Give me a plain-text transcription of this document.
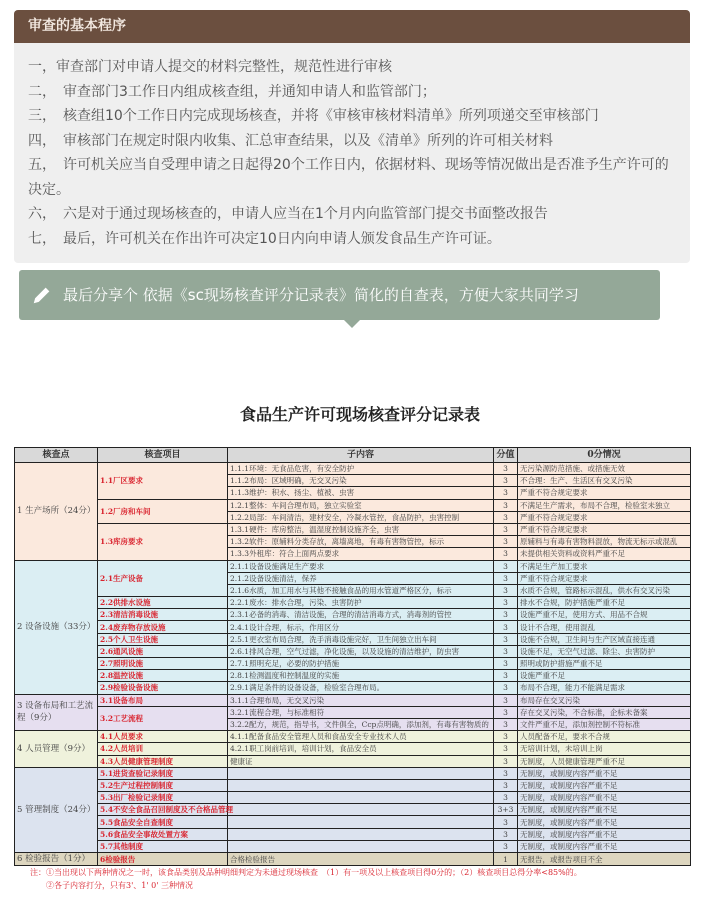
审查的基本程序

一，审查部门对申请人提交的材料完整性，规范性进行审核

二，　审查部门3工作日内组成核查组，并通知申请人和监管部门；

三，　核查组10个工作日内完成现场核查，并将《审核审核材料清单》所列项递交至审核部门

四，　审核部门在规定时限内收集、汇总审查结果，以及《清单》所列的许可相关材料

五，　许可机关应当自受理申请之日起得20个工作日内，依据材料、现场等情况做出是否准予生产许可的决定。

六，　六是对于通过现场核查的，申请人应当在1个月内向监管部门提交书面整改报告

七，　最后，许可机关在作出许可决定10日内向申请人颁发食品生产许可证。

最后分享个 依据《sc现场核查评分记录表》简化的自查表，方便大家共同学习
食品生产许可现场核查评分记录表
核查点	核查项目	子内容	分值	0分情况
1 生产场所（24分）	1.1厂区要求	1.1.1环境：无食品危害，有安全防护	3	无污染源防范措施、或措施无效
		1.1.2布局：区域明确，无交叉污染	3	不合理：生产、生活区有交叉污染
		1.1.3维护：积水、扬尘、植被、虫害	3	严重不符合规定要求
	1.2厂房和车间	1.2.1整体：车间合理布局，独立实验室	3	不满足生产需求，布局不合理，检验室未独立
		1.2.2局部：车间清洁，建材安全，冷凝水管控，食品防护，虫害控制	3	严重不符合规定要求
	1.3库房要求	1.3.1硬件：库房整洁，温湿度控制设施齐全，虫害	3	严重不符合规定要求
		1.3.2软件：原辅料分类存放，离墙离地，有毒有害物管控，标示	3	原辅料与有毒有害物料混放，物流无标示或混乱
		1.3.3外租库：符合上面两点要求	3	未提供相关资料或资料严重不足
2 设备设施（33分）	2.1生产设备	2.1.1设备设施满足生产要求	3	不满足生产加工要求
		2.1.2设备设施清洁，保养	3	严重不符合规定要求
		2.1.6水质，加工用水与其他不接触食品的用水管道严格区分，标示	3	水质不合规，管路标示混乱，供水有交叉污染
	2.2供排水设施	2.2.1废水：排水合理，污染、虫害防护	3	排水不合规，防护措施严重不足
	2.3清洁消毒设施	2.3.1必备的消毒、清洁设施，合理的清洁消毒方式，消毒剂的管控	3	设施严重不足，使用方式、用品不合规
	2.4废弃物存放设施	2.4.1设计合理，标示，作用区分	3	设计不合理，使用混乱
	2.5个人卫生设施	2.5.1更衣室布局合理，洗手消毒设施完好，卫生间独立出车间	3	设施不合规，卫生间与生产区域直接连通
	2.6通风设施	2.6.1排风合理，空气过滤，净化设施，以及设施的清洁维护，防虫害	3	设施不足，无空气过滤、除尘、虫害防护
	2.7照明设施	2.7.1照明充足，必要的防护措施	3	照明或防护措施严重不足
	2.8温控设施	2.8.1检测温度和控制温度的实施	3	设施严重不足
	2.9检验设备设施	2.9.1满足条件的设备设备，检验室合理布局。	3	布局不合理，能力不能满足需求
3 设备布局和工艺流程（9分）	3.1设备布局	3.1.1合理布局，无交叉污染	3	布局存在交叉污染
	3.2工艺流程	3.2.1流程合理，与标准相符	3	存在交叉污染，不合标准，企标未备案
		3.2.2配方，规范，指导书，文件俱全，Ccp点明确，添加剂，有毒有害物质的	3	文件严重不足，添加剂控制不符标准
4 人员管理（9分）	4.1人员要求	4.1.1配备食品安全管理人员和食品安全专业技术人员	3	人员配备不足，要求不合规
	4.2人员培训	4.2.1职工岗前培训，培训计划，食品安全员	3	无培训计划，未培训上岗
	4.3人员健康管理制度	健康证	3	无制度，人员健康管理严重不足
5 管理制度（24分）	5.1进货查验记录制度		3	无制度，或制度内容严重不足
	5.2生产过程控制制度		3	无制度，或制度内容严重不足
	5.3出厂检验记录制度		3	无制度，或制度内容严重不足
	5.4不安全食品召回制度及不合格品管理		3+3	无制度，或制度内容严重不足
	5.5食品安全自查制度		3	无制度，或制度内容严重不足
	5.6食品安全事故处置方案		3	无制度，或制度内容严重不足
	5.7其他制度		3	无制度，或制度内容严重不足
6 检验报告（1分）	6检验报告	合格检验报告	1	无报告，或报告项目不全
注：①当出现以下两种情况之一时，该食品类别及品种明细判定为未通过现场核查　（1）有一项及以上核查项目得0分的；（2）核查项目总得分率<85%的。
②各子内容打分，只有3'、1' 0' 三种情况
